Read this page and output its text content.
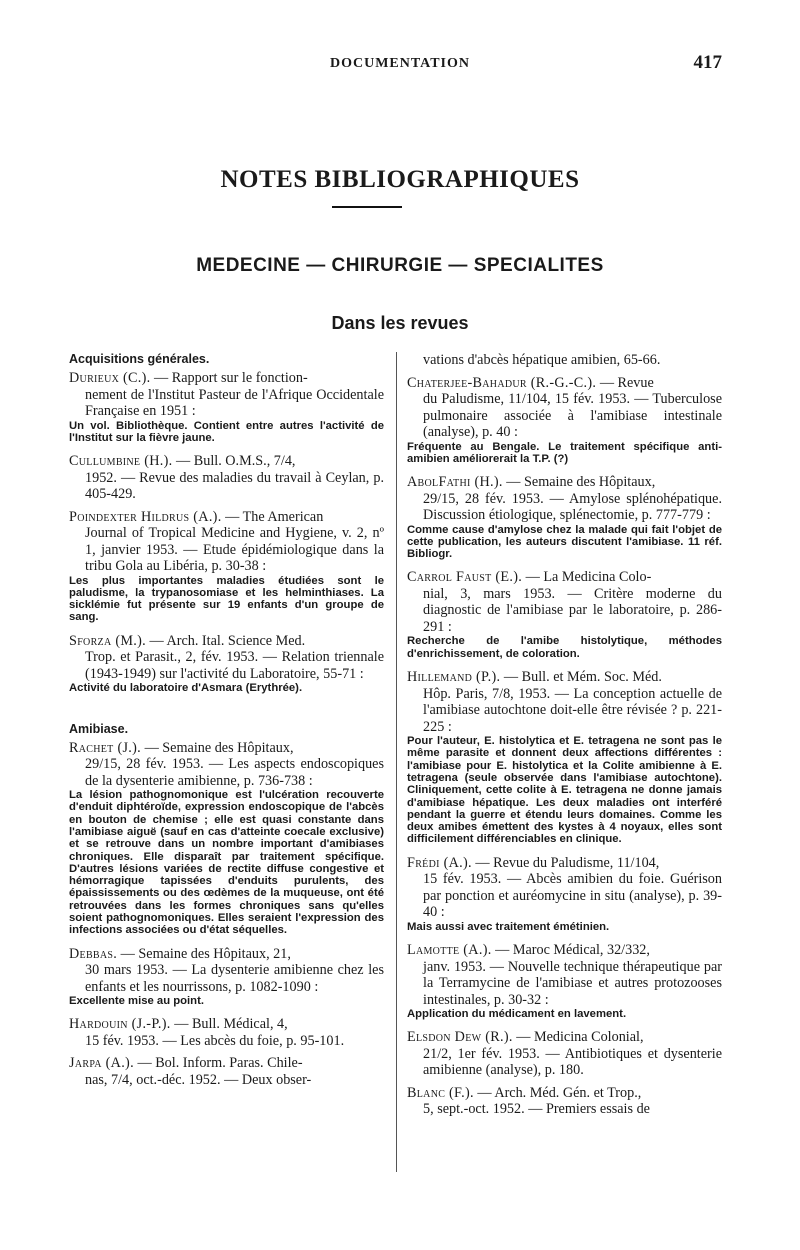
DOCUMENTATION	417
NOTES BIBLIOGRAPHIQUES
MEDECINE — CHIRURGIE — SPECIALITES
Dans les revues
Acquisitions générales.
Durieux (C.). — Rapport sur le fonction-
nement de l'Institut Pasteur de l'Afrique Occidentale Française en 1951 :
Un vol. Bibliothèque. Contient entre autres l'activité de l'Institut sur la fièvre jaune.
Cullumbine (H.). — Bull. O.M.S., 7/4,
1952. — Revue des maladies du travail à Ceylan, p. 405-429.
Poindexter Hildrus (A.). — The American
Journal of Tropical Medicine and Hygiene, v. 2, nº 1, janvier 1953. — Etude épidémiologique dans la tribu Gola au Libéria, p. 30-38 :
Les plus importantes maladies étudiées sont le paludisme, la trypanosomiase et les helminthiases. La sicklémie fut présente sur 19 enfants d'un groupe de sang.
Sforza (M.). — Arch. Ital. Science Med.
Trop. et Parasit., 2, fév. 1953. — Relation triennale (1943-1949) sur l'activité du Laboratoire, 55-71 :
Activité du laboratoire d'Asmara (Erythrée).
Amibiase.
Rachet (J.). — Semaine des Hôpitaux,
29/15, 28 fév. 1953. — Les aspects endoscopiques de la dysenterie amibienne, p. 736-738 :
La lésion pathognomonique est l'ulcération recouverte d'enduit diphtéroïde, expression endoscopique de l'abcès en bouton de chemise ; elle est quasi constante dans l'amibiase aiguë (sauf en cas d'atteinte coecale exclusive) et se retrouve dans un nombre important d'amibiases chroniques. Elle disparaît par traitement spécifique. D'autres lésions variées de rectite diffuse congestive et hémorragique tapissées d'enduits purulents, des épaississements ou des œdèmes de la muqueuse, ont été retrouvées dans les formes chroniques sans qu'elles soient pathognomoniques. Elles seraient l'expression des infections associées ou d'état séquelles.
Debbas. — Semaine des Hôpitaux, 21,
30 mars 1953. — La dysenterie amibienne chez les enfants et les nourrissons, p. 1082-1090 :
Excellente mise au point.
Hardouin (J.-P.). — Bull. Médical, 4,
15 fév. 1953. — Les abcès du foie, p. 95-101.
Jarpa (A.). — Bol. Inform. Paras. Chile-
nas, 7/4, oct.-déc. 1952. — Deux obser-
vations d'abcès hépatique amibien, 65-66.
Chaterjee-Bahadur (R.-G.-C.). — Revue
du Paludisme, 11/104, 15 fév. 1953. — Tuberculose pulmonaire associée à l'amibiase intestinale (analyse), p. 40 :
Fréquente au Bengale. Le traitement spécifique anti-amibien améliorerait la T.P. (?)
AbolFathi (H.). — Semaine des Hôpitaux,
29/15, 28 fév. 1953. — Amylose splénohépatique. Discussion étiologique, splénectomie, p. 777-779 :
Comme cause d'amylose chez la malade qui fait l'objet de cette publication, les auteurs discutent l'amibiase. 11 réf. Bibliogr.
Carrol Faust (E.). — La Medicina Colo-
nial, 3, mars 1953. — Critère moderne du diagnostic de l'amibiase par le laboratoire, p. 286-291 :
Recherche de l'amibe histolytique, méthodes d'enrichissement, de coloration.
Hillemand (P.). — Bull. et Mém. Soc. Méd.
Hôp. Paris, 7/8, 1953. — La conception actuelle de l'amibiase autochtone doit-elle être révisée ? p. 221-225 :
Pour l'auteur, E. histolytica et E. tetragena ne sont pas le même parasite et donnent deux affections différentes : l'amibiase pour E. histolytica et la Colite amibienne à E. tetragena (seule observée dans l'amibiase autochtone). Cliniquement, cette colite à E. tetragena ne donne jamais d'amibiase hépatique. Les deux maladies ont interféré pendant la guerre et étendu leurs domaines. Comme les deux amibes émettent des kystes à 4 noyaux, elles sont difficilement différenciables en clinique.
Frédi (A.). — Revue du Paludisme, 11/104,
15 fév. 1953. — Abcès amibien du foie. Guérison par ponction et auréomycine in situ (analyse), p. 39-40 :
Mais aussi avec traitement émétinien.
Lamotte (A.). — Maroc Médical, 32/332,
janv. 1953. — Nouvelle technique thérapeutique par la Terramycine de l'amibiase et autres protozooses intestinales, p. 30-32 :
Application du médicament en lavement.
Elsdon Dew (R.). — Medicina Colonial,
21/2, 1er fév. 1953. — Antibiotiques et dysenterie amibienne (analyse), p. 180.
Blanc (F.). — Arch. Méd. Gén. et Trop.,
5, sept.-oct. 1952. — Premiers essais de
